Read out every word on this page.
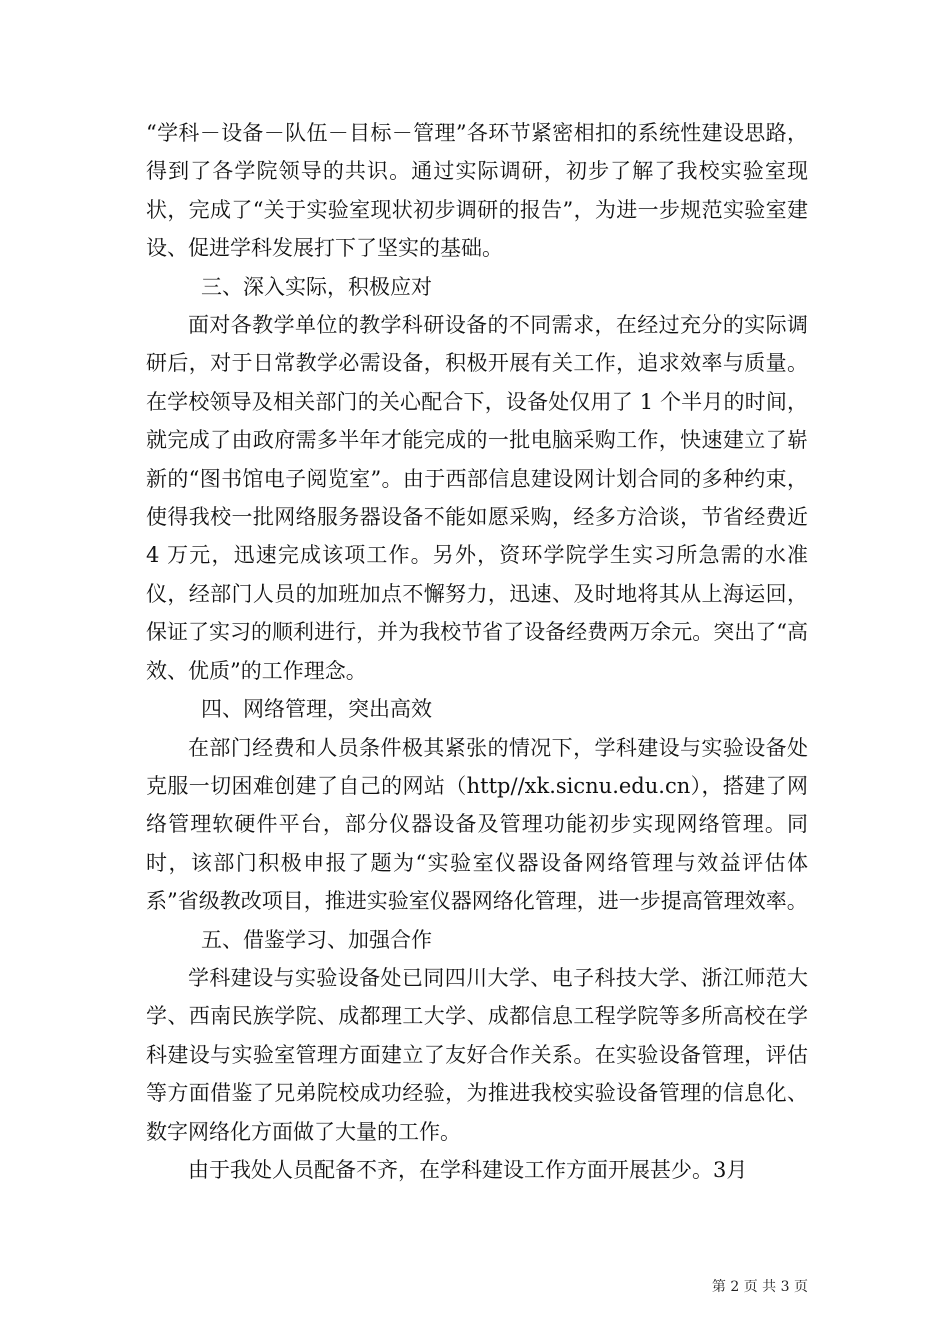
“学科－设备－队伍－目标－管理”各环节紧密相扣的系统性建设思路，得到了各学院领导的共识。通过实际调研，初步了解了我校实验室现状，完成了“关于实验室现状初步调研的报告”，为进一步规范实验室建设、促进学科发展打下了坚实的基础。

三、深入实际，积极应对

面对各教学单位的教学科研设备的不同需求，在经过充分的实际调研后，对于日常教学必需设备，积极开展有关工作，追求效率与质量。在学校领导及相关部门的关心配合下，设备处仅用了 1 个半月的时间，就完成了由政府需多半年才能完成的一批电脑采购工作，快速建立了崭新的“图书馆电子阅览室”。由于西部信息建设网计划合同的多种约束，使得我校一批网络服务器设备不能如愿采购，经多方洽谈，节省经费近 4 万元，迅速完成该项工作。另外，资环学院学生实习所急需的水准仪，经部门人员的加班加点不懈努力，迅速、及时地将其从上海运回，保证了实习的顺利进行，并为我校节省了设备经费两万余元。突出了“高效、优质”的工作理念。

四、网络管理，突出高效

在部门经费和人员条件极其紧张的情况下，学科建设与实验设备处克服一切困难创建了自己的网站（http//xk.sicnu.edu.cn），搭建了网络管理软硬件平台，部分仪器设备及管理功能初步实现网络管理。同时，该部门积极申报了题为“实验室仪器设备网络管理与效益评估体系”省级教改项目，推进实验室仪器网络化管理，进一步提高管理效率。

五、借鉴学习、加强合作

学科建设与实验设备处已同四川大学、电子科技大学、浙江师范大学、西南民族学院、成都理工大学、成都信息工程学院等多所高校在学科建设与实验室管理方面建立了友好合作关系。在实验设备管理，评估等方面借鉴了兄弟院校成功经验，为推进我校实验设备管理的信息化、数字网络化方面做了大量的工作。

由于我处人员配备不齐，在学科建设工作方面开展甚少。3月

第 2 页 共 3 页
